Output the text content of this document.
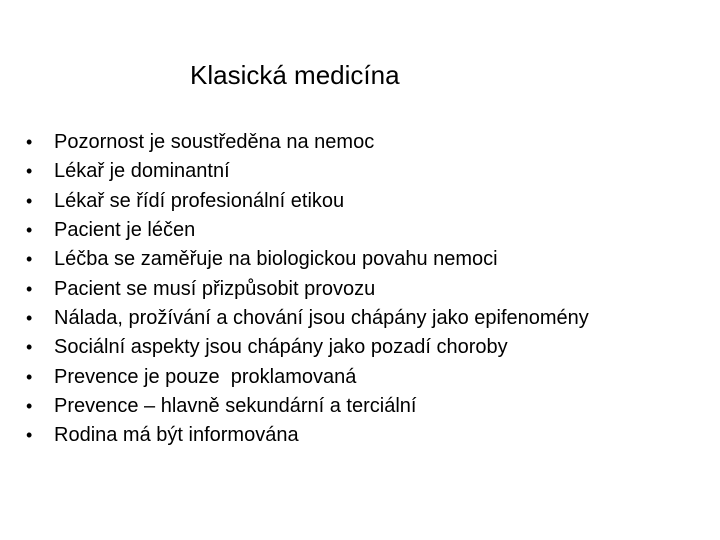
Klasická medicína
•	Pozornost je soustředěna na nemoc
•	Lékař je dominantní
•	Lékař se řídí profesionální etikou
•	Pacient je léčen
•	Léčba se zaměřuje na biologickou povahu nemoci
•	Pacient se musí přizpůsobit provozu
•	Nálada, prožívání a chování jsou chápány jako epifenomény
•	Sociální aspekty jsou chápány jako pozadí choroby
•	Prevence je pouze  proklamovaná
•	Prevence – hlavně sekundární a terciální
•	Rodina má být informována
